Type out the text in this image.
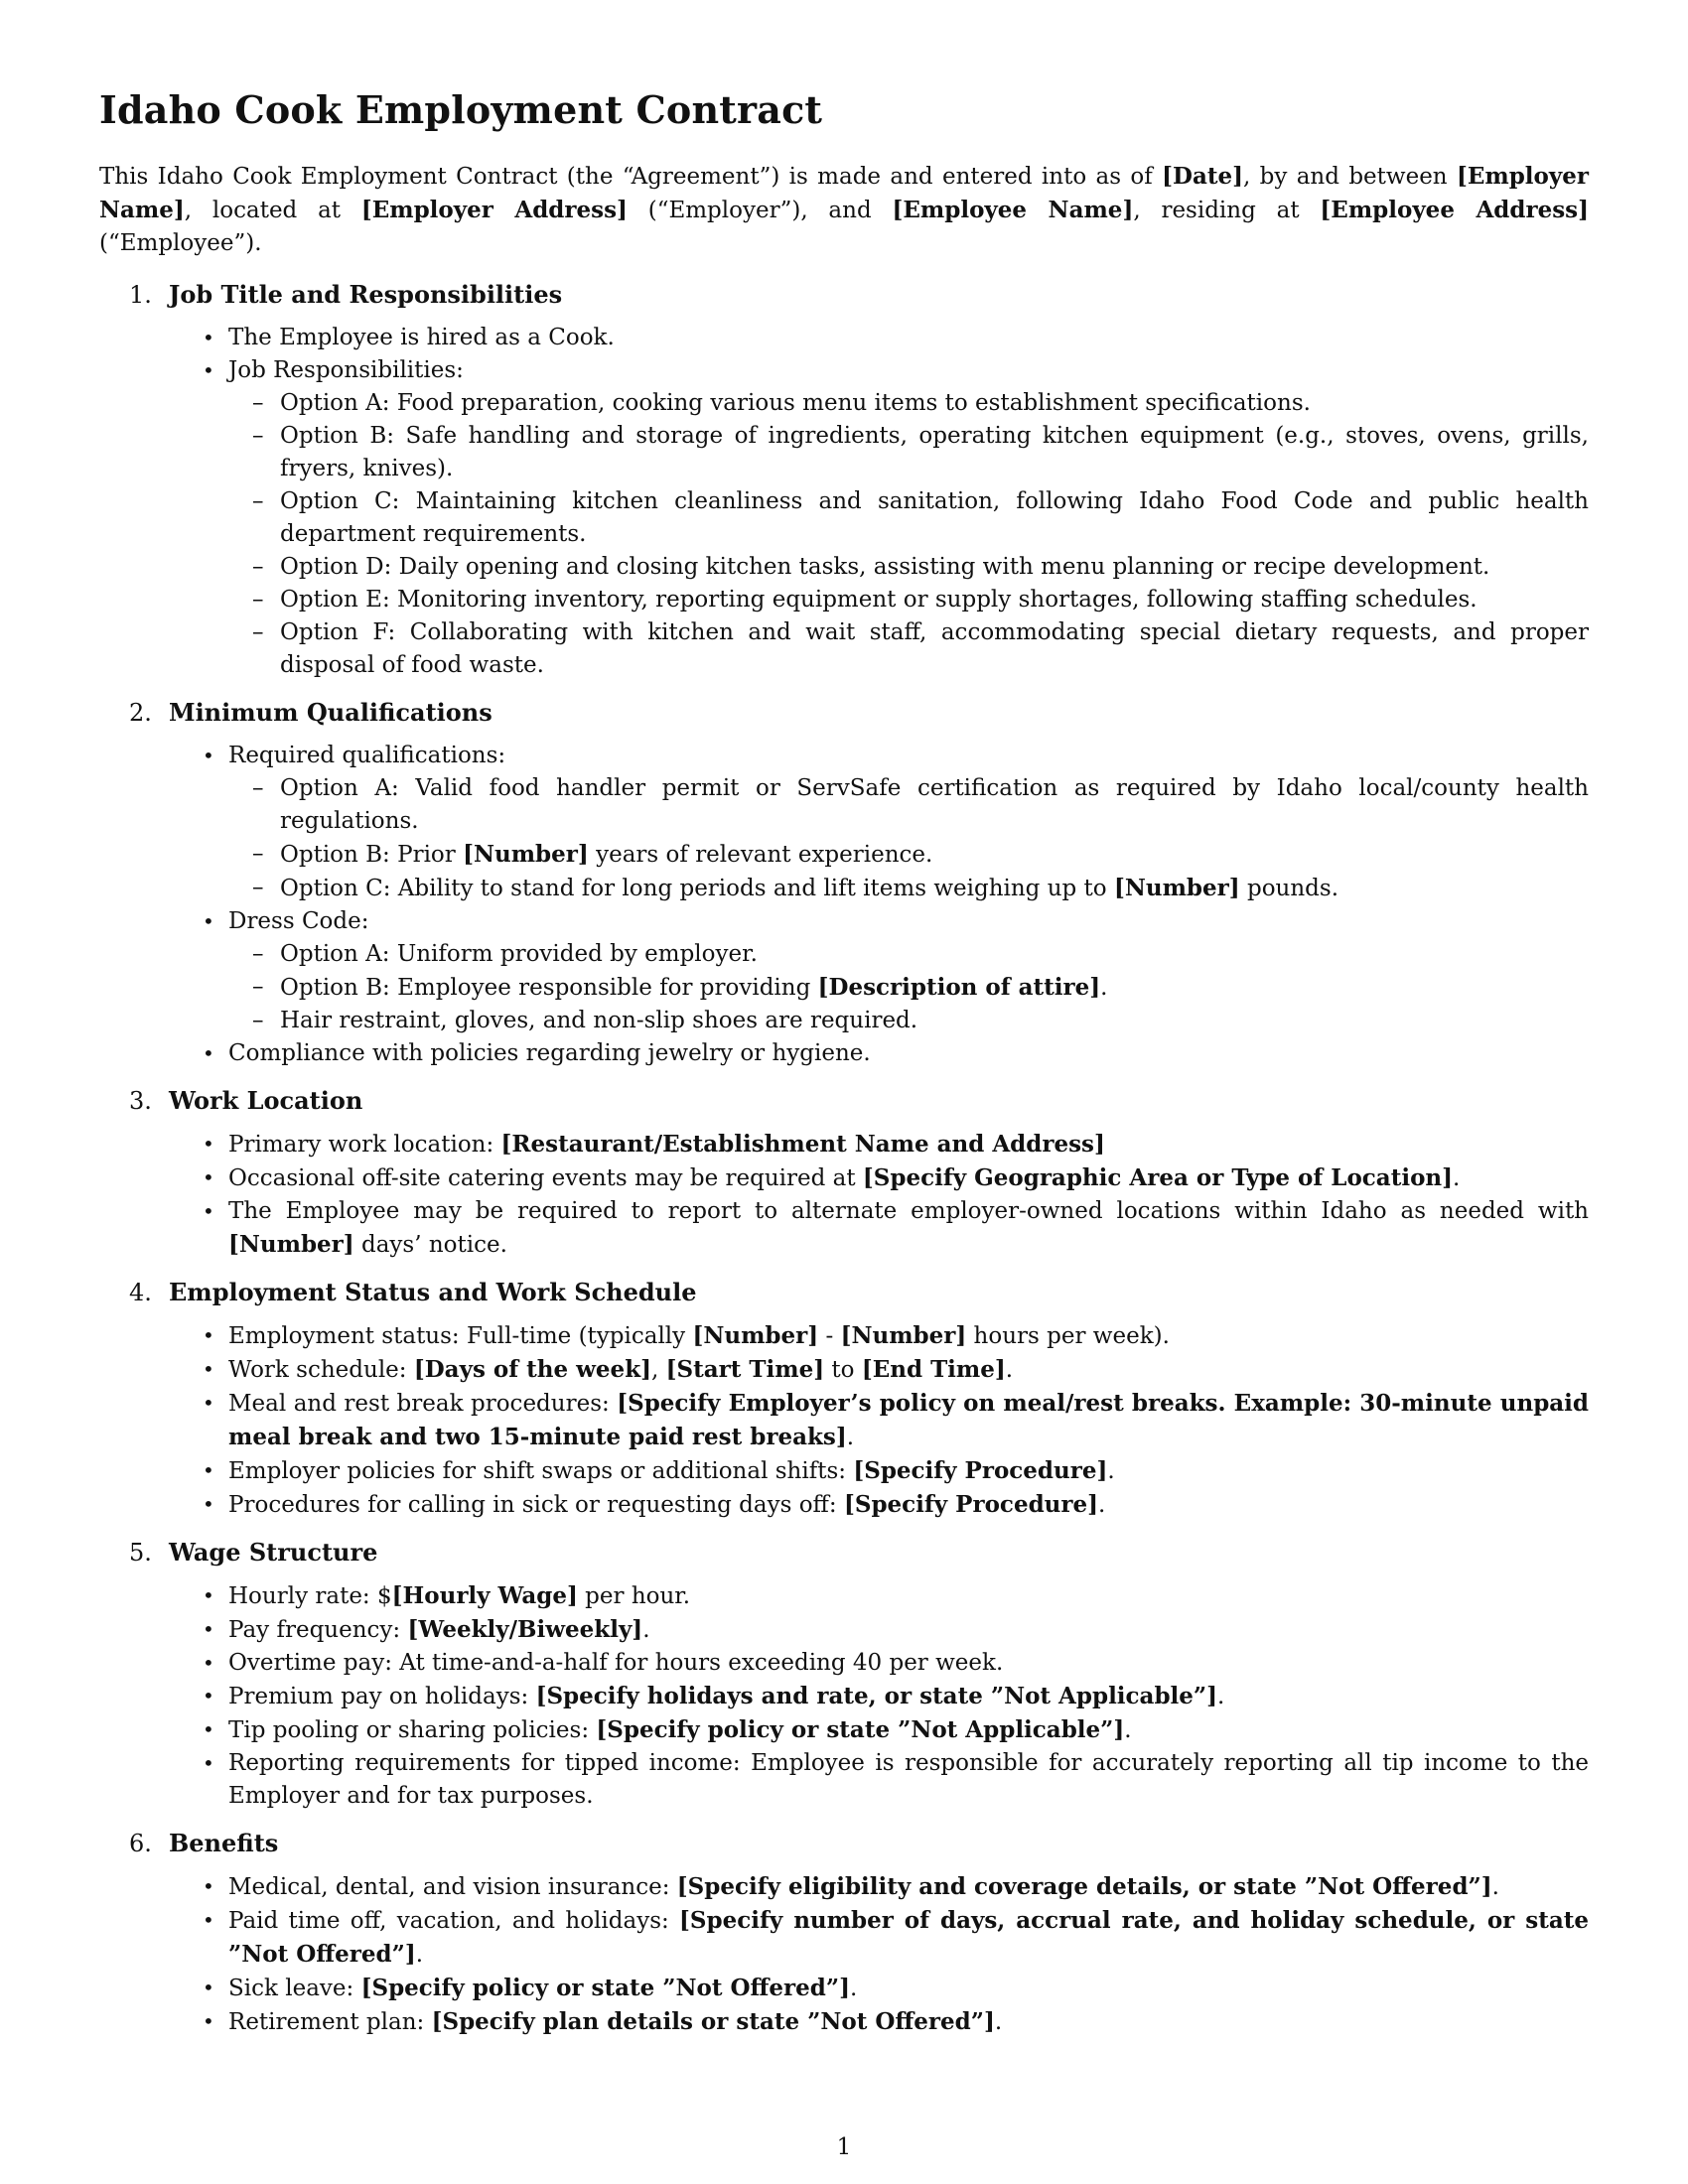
Idaho Cook Employment Contract

This Idaho Cook Employment Contract (the “Agreement”) is made and entered into as of [Date], by and between [Employer Name], located at [Employer Address] (“Employer”), and [Employee Name], residing at [Employee Address] (“Employee”).

1. Job Title and Responsibilities
• The Employee is hired as a Cook.
• Job Responsibilities:
– Option A: Food preparation, cooking various menu items to establishment specifications.
– Option B: Safe handling and storage of ingredients, operating kitchen equipment (e.g., stoves, ovens, grills, fryers, knives).
– Option C: Maintaining kitchen cleanliness and sanitation, following Idaho Food Code and public health department requirements.
– Option D: Daily opening and closing kitchen tasks, assisting with menu planning or recipe development.
– Option E: Monitoring inventory, reporting equipment or supply shortages, following staffing schedules.
– Option F: Collaborating with kitchen and wait staff, accommodating special dietary requests, and proper disposal of food waste.
2. Minimum Qualifications
• Required qualifications:
– Option A: Valid food handler permit or ServSafe certification as required by Idaho local/county health regulations.
– Option B: Prior [Number] years of relevant experience.
– Option C: Ability to stand for long periods and lift items weighing up to [Number] pounds.
• Dress Code:
– Option A: Uniform provided by employer.
– Option B: Employee responsible for providing [Description of attire].
– Hair restraint, gloves, and non-slip shoes are required.
• Compliance with policies regarding jewelry or hygiene.
3. Work Location
• Primary work location: [Restaurant/Establishment Name and Address]
• Occasional off-site catering events may be required at [Specify Geographic Area or Type of Location].
• The Employee may be required to report to alternate employer-owned locations within Idaho as needed with [Number] days’ notice.
4. Employment Status and Work Schedule
• Employment status: Full-time (typically [Number] - [Number] hours per week).
• Work schedule: [Days of the week], [Start Time] to [End Time].
• Meal and rest break procedures: [Specify Employer’s policy on meal/rest breaks. Example: 30-minute unpaid meal break and two 15-minute paid rest breaks].
• Employer policies for shift swaps or additional shifts: [Specify Procedure].
• Procedures for calling in sick or requesting days off: [Specify Procedure].
5. Wage Structure
• Hourly rate: $[Hourly Wage] per hour.
• Pay frequency: [Weekly/Biweekly].
• Overtime pay: At time-and-a-half for hours exceeding 40 per week.
• Premium pay on holidays: [Specify holidays and rate, or state ”Not Applicable”].
• Tip pooling or sharing policies: [Specify policy or state ”Not Applicable”].
• Reporting requirements for tipped income: Employee is responsible for accurately reporting all tip income to the Employer and for tax purposes.
6. Benefits
• Medical, dental, and vision insurance: [Specify eligibility and coverage details, or state ”Not Offered”].
• Paid time off, vacation, and holidays: [Specify number of days, accrual rate, and holiday schedule, or state ”Not Offered”].
• Sick leave: [Specify policy or state ”Not Offered”].
• Retirement plan: [Specify plan details or state ”Not Offered”].
1
